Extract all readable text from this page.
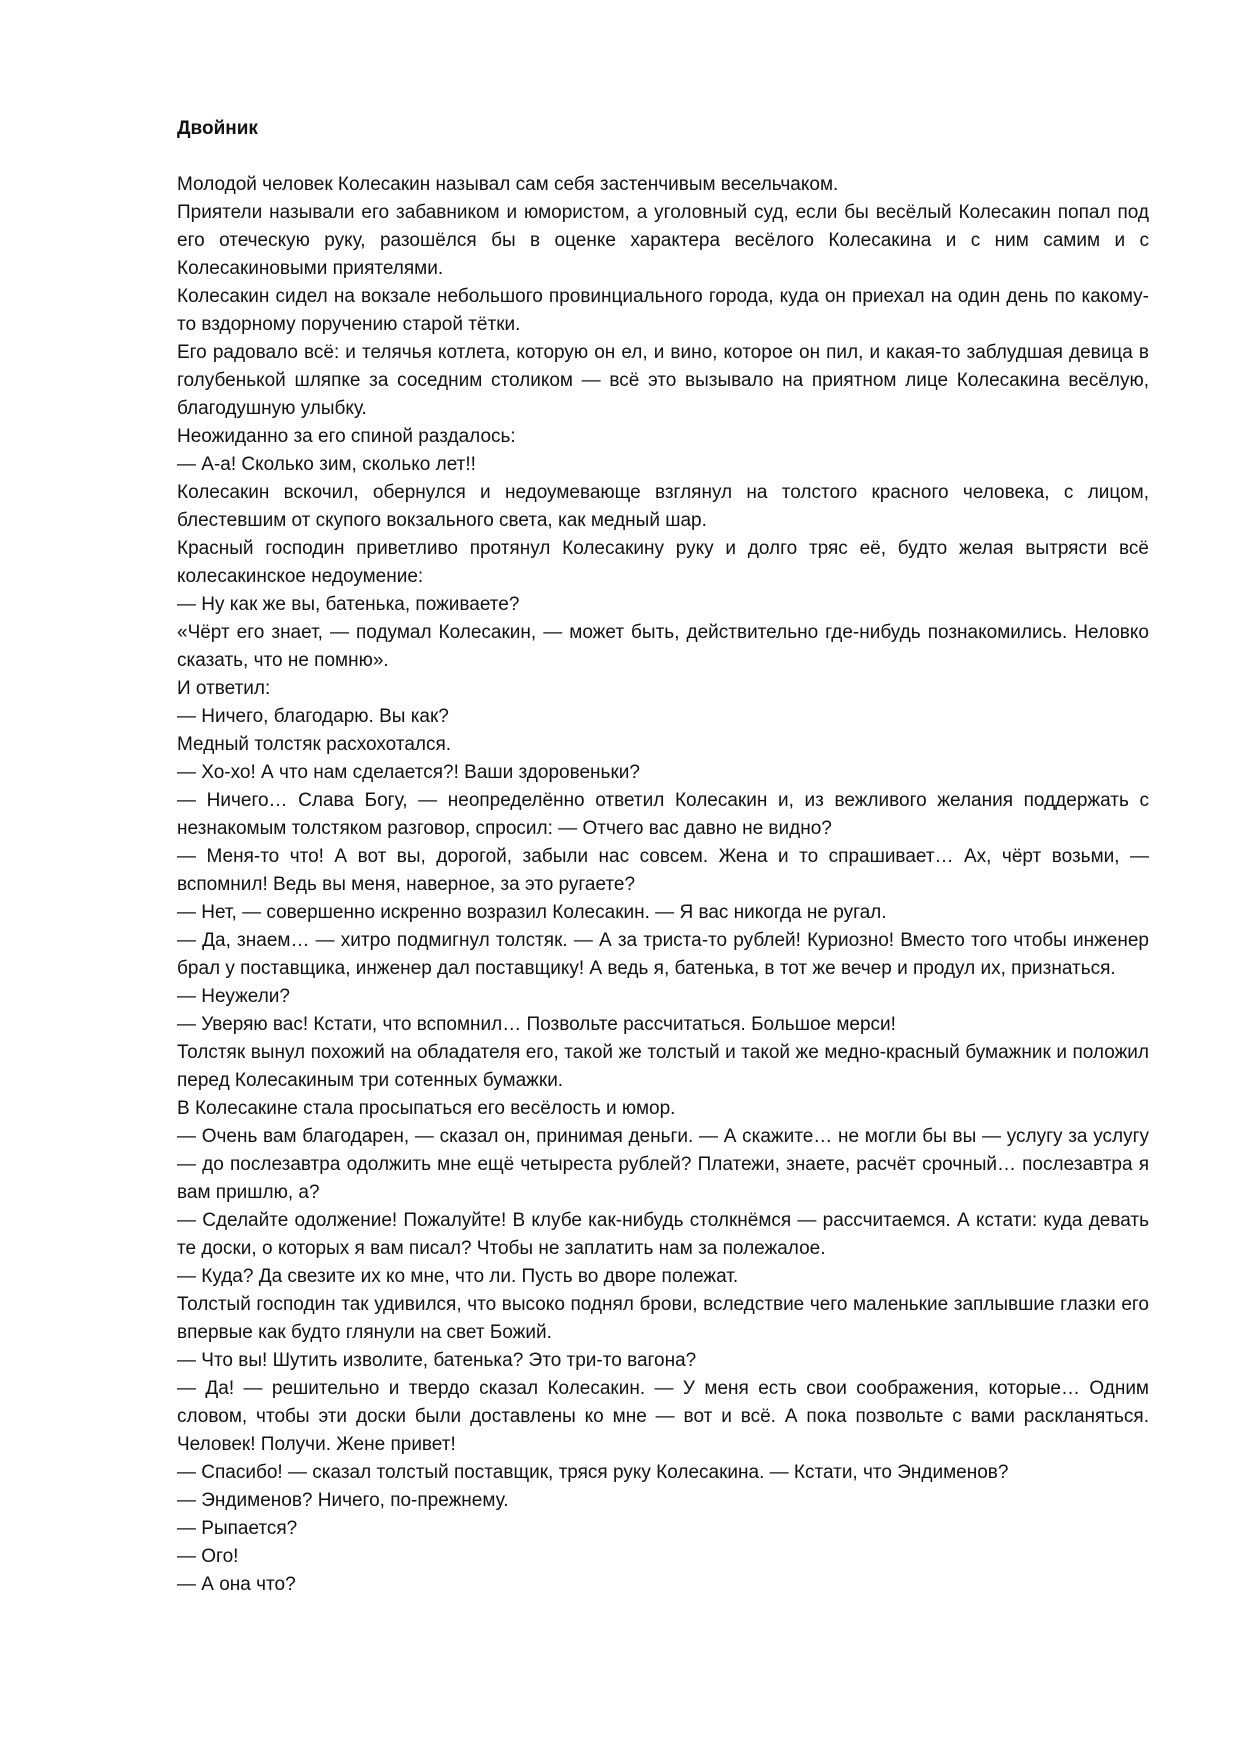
Двойник

Молодой человек Колесакин называл сам себя застенчивым весельчаком.

Приятели называли его забавником и юмористом, а уголовный суд, если бы весёлый Колесакин попал под его отеческую руку, разошёлся бы в оценке характера весёлого Колесакина и с ним самим и с Колесакиновыми приятелями.

Колесакин сидел на вокзале небольшого провинциального города, куда он приехал на один день по какому-то вздорному поручению старой тётки.

Его радовало всё: и телячья котлета, которую он ел, и вино, которое он пил, и какая-то заблудшая девица в голубенькой шляпке за соседним столиком — всё это вызывало на приятном лице Колесакина весёлую, благодушную улыбку.

Неожиданно за его спиной раздалось:

— А-а! Сколько зим, сколько лет!!

Колесакин вскочил, обернулся и недоумевающе взглянул на толстого красного человека, с лицом, блестевшим от скупого вокзального света, как медный шар.

Красный господин приветливо протянул Колесакину руку и долго тряс её, будто желая вытрясти всё колесакинское недоумение:

— Ну как же вы, батенька, поживаете?

«Чёрт его знает, — подумал Колесакин, — может быть, действительно где-нибудь познакомились. Неловко сказать, что не помню».

И ответил:

— Ничего, благодарю. Вы как?

Медный толстяк расхохотался.

— Хо-хо! А что нам сделается?! Ваши здоровеньки?

— Ничего… Слава Богу, — неопределённо ответил Колесакин и, из вежливого желания поддержать с незнакомым толстяком разговор, спросил: — Отчего вас давно не видно?

— Меня-то что! А вот вы, дорогой, забыли нас совсем. Жена и то спрашивает… Ах, чёрт возьми, — вспомнил! Ведь вы меня, наверное, за это ругаете?

— Нет, — совершенно искренно возразил Колесакин. — Я вас никогда не ругал.

— Да, знаем… — хитро подмигнул толстяк. — А за триста-то рублей! Куриозно! Вместо того чтобы инженер брал у поставщика, инженер дал поставщику! А ведь я, батенька, в тот же вечер и продул их, признаться.

— Неужели?

— Уверяю вас! Кстати, что вспомнил… Позвольте рассчитаться. Большое мерси!

Толстяк вынул похожий на обладателя его, такой же толстый и такой же медно-красный бумажник и положил перед Колесакиным три сотенных бумажки.

В Колесакине стала просыпаться его весёлость и юмор.

— Очень вам благодарен, — сказал он, принимая деньги. — А скажите… не могли бы вы — услугу за услугу — до послезавтра одолжить мне ещё четыреста рублей? Платежи, знаете, расчёт срочный… послезавтра я вам пришлю, а?

— Сделайте одолжение! Пожалуйте! В клубе как-нибудь столкнёмся — рассчитаемся. А кстати: куда девать те доски, о которых я вам писал? Чтобы не заплатить нам за полежалое.

— Куда? Да свезите их ко мне, что ли. Пусть во дворе полежат.

Толстый господин так удивился, что высоко поднял брови, вследствие чего маленькие заплывшие глазки его впервые как будто глянули на свет Божий.

— Что вы! Шутить изволите, батенька? Это три-то вагона?

— Да! — решительно и твердо сказал Колесакин. — У меня есть свои соображения, которые… Одним словом, чтобы эти доски были доставлены ко мне — вот и всё. А пока позвольте с вами раскланяться. Человек! Получи. Жене привет!

— Спасибо! — сказал толстый поставщик, тряся руку Колесакина. — Кстати, что Эндименов?

— Эндименов? Ничего, по-прежнему.

— Рыпается?

— Ого!

— А она что?
